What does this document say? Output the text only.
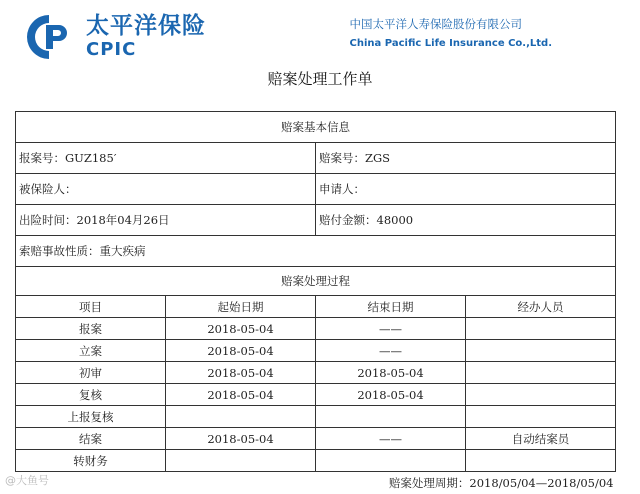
太平洋保险
CPIC
中国太平洋人寿保险股份有限公司
China Pacific Life Insurance Co.,Ltd.
赔案处理工作单
赔案基本信息			
报案号：GUZ185′		赔案号：ZGS	
被保险人：		申请人：	
出险时间：2018年04月26日		赔付金额：48000	
索赔事故性质：重大疾病			
赔案处理过程			
项目	起始日期	结束日期	经办人员
报案	2018-05-04	——	
立案	2018-05-04	——	
初审	2018-05-04	2018-05-04	
复核	2018-05-04	2018-05-04	
上报复核			
结案	2018-05-04	——	自动结案员
转财务			
赔案处理周期：2018/05/04—2018/05/04			
@大鱼号
